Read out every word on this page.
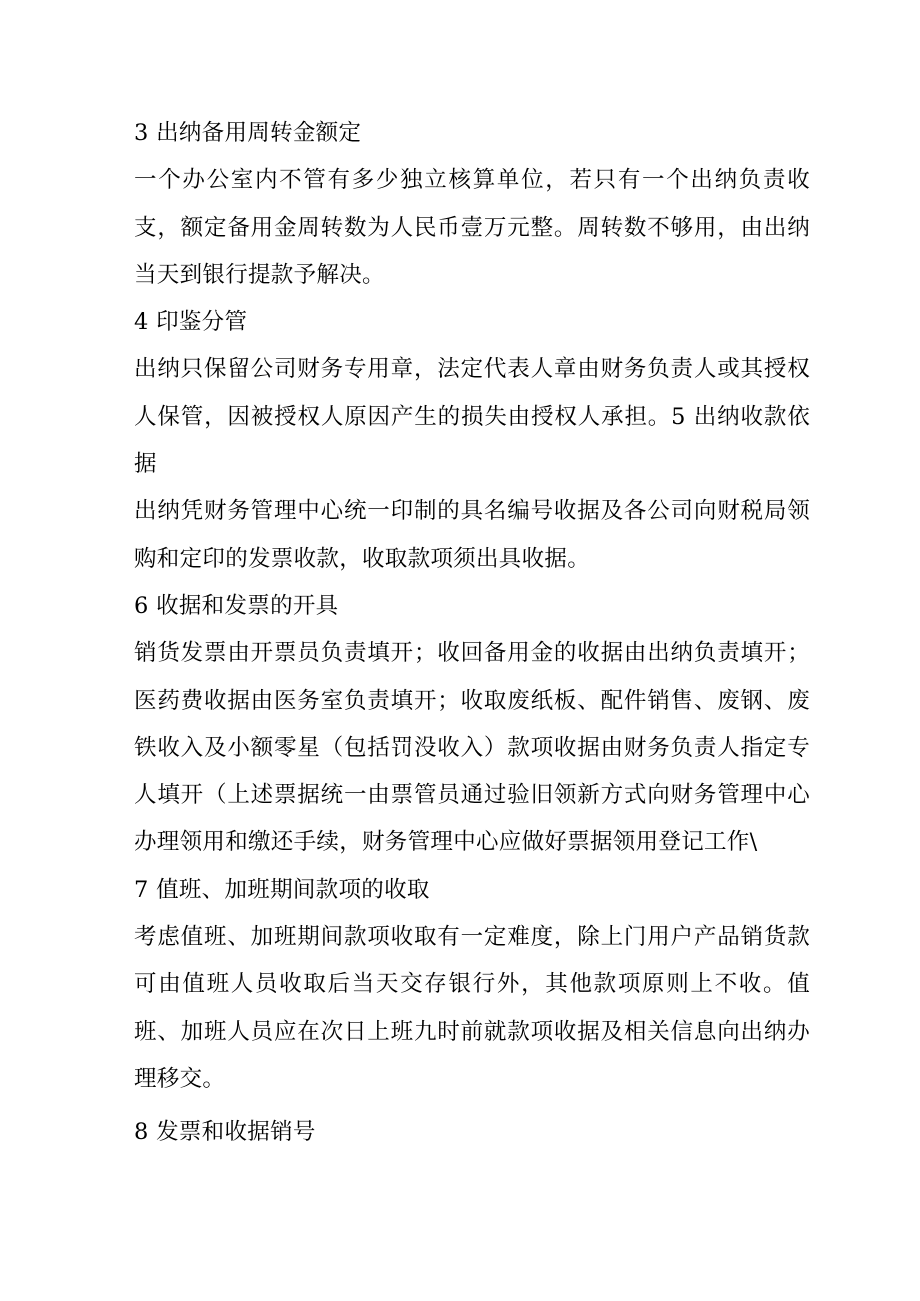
3 出纳备用周转金额定
一个办公室内不管有多少独立核算单位，若只有一个出纳负责收支，额定备用金周转数为人民币壹万元整。周转数不够用，由出纳当天到银行提款予解决。
4 印鉴分管
出纳只保留公司财务专用章，法定代表人章由财务负责人或其授权人保管，因被授权人原因产生的损失由授权人承担。5 出纳收款依据
出纳凭财务管理中心统一印制的具名编号收据及各公司向财税局领购和定印的发票收款，收取款项须出具收据。
6 收据和发票的开具
销货发票由开票员负责填开；收回备用金的收据由出纳负责填开；医药费收据由医务室负责填开；收取废纸板、配件销售、废钢、废铁收入及小额零星（包括罚没收入）款项收据由财务负责人指定专人填开（上述票据统一由票管员通过验旧领新方式向财务管理中心办理领用和缴还手续，财务管理中心应做好票据领用登记工作\
7 值班、加班期间款项的收取
考虑值班、加班期间款项收取有一定难度，除上门用户产品销货款可由值班人员收取后当天交存银行外，其他款项原则上不收。值班、加班人员应在次日上班九时前就款项收据及相关信息向出纳办理移交。
8 发票和收据销号
